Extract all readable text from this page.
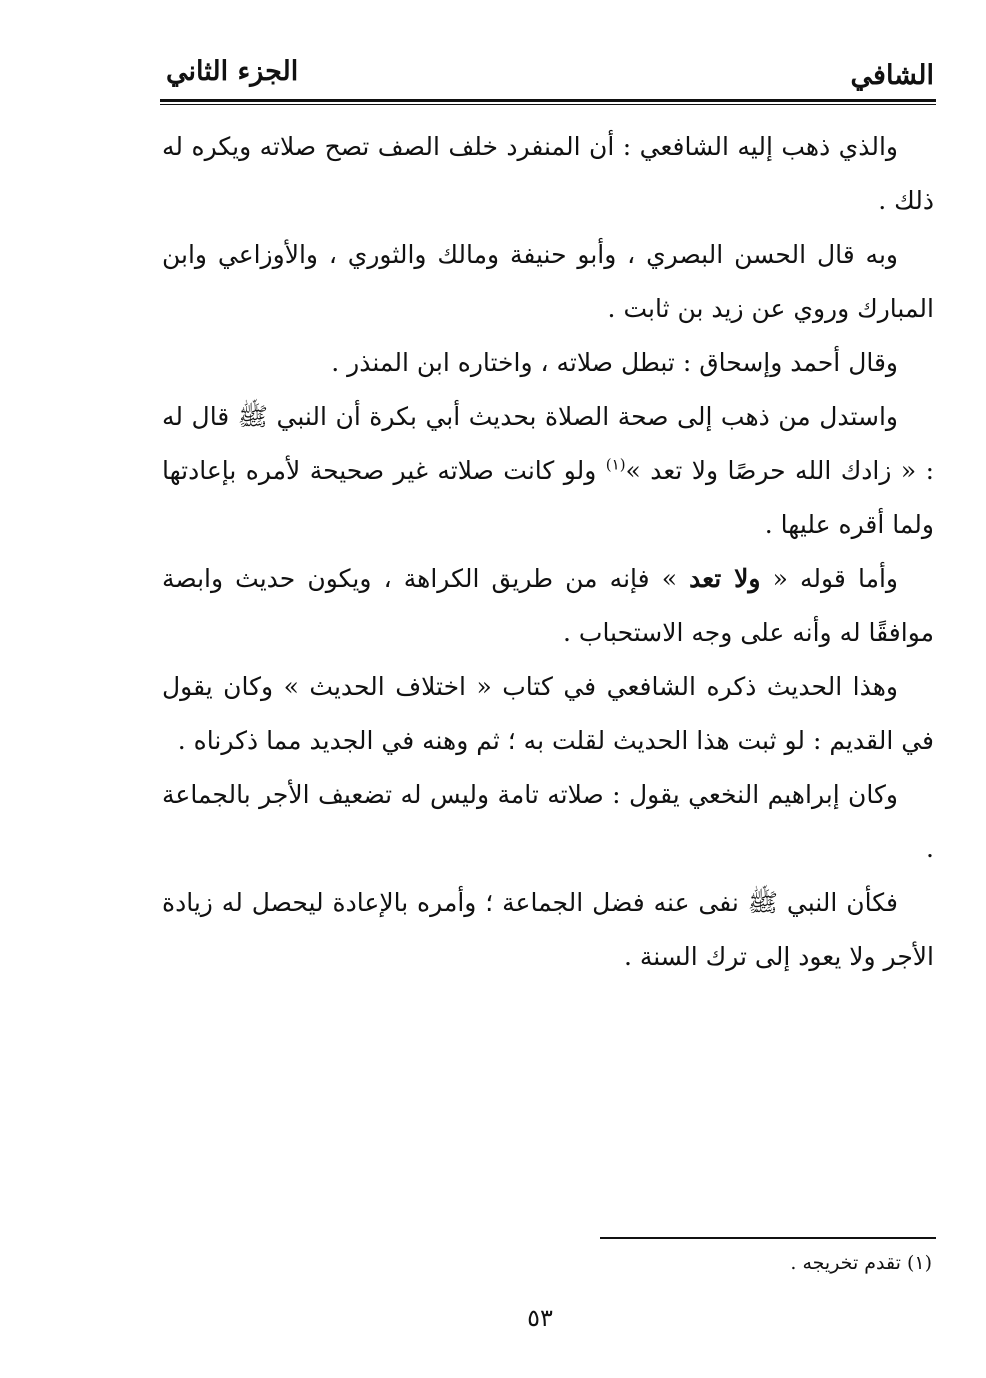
الشافي
الجزء الثاني

والذي ذهب إليه الشافعي : أن المنفرد خلف الصف تصح صلاته ويكره له ذلك .

وبه قال الحسن البصري ، وأبو حنيفة ومالك والثوري ، والأوزاعي وابن المبارك وروي عن زيد بن ثابت .

وقال أحمد وإسحاق : تبطل صلاته ، واختاره ابن المنذر .

واستدل من ذهب إلى صحة الصلاة بحديث أبي بكرة أن النبي ﷺ قال له : « زادك الله حرصًا ولا تعد »$^{(١)}$ ولو كانت صلاته غير صحيحة لأمره بإعادتها ولما أقره عليها .

وأما قوله « ولا تعد » فإنه من طريق الكراهة ، ويكون حديث وابصة موافقًا له وأنه على وجه الاستحباب .

وهذا الحديث ذكره الشافعي في كتاب « اختلاف الحديث » وكان يقول في القديم : لو ثبت هذا الحديث لقلت به ؛ ثم وهنه في الجديد مما ذكرناه .

وكان إبراهيم النخعي يقول : صلاته تامة وليس له تضعيف الأجر بالجماعة .

فكأن النبي ﷺ نفى عنه فضل الجماعة ؛ وأمره بالإعادة ليحصل له زيادة الأجر ولا يعود إلى ترك السنة .

(١) تقدم تخريجه .
٥٣
